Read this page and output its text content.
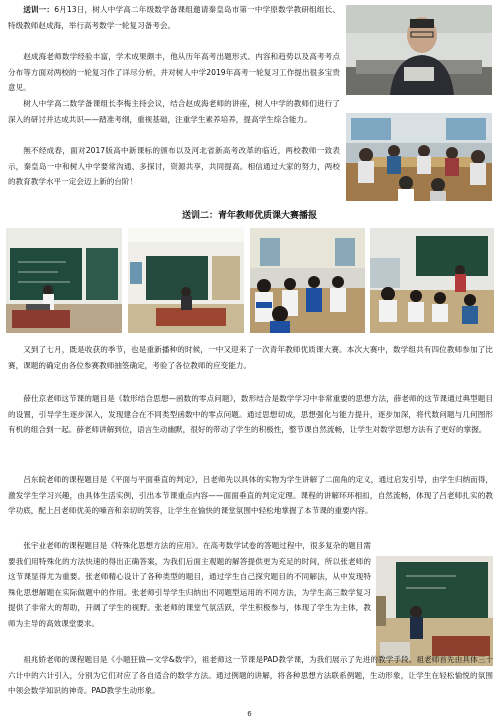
送训一：6月13日，树人中学高二年级数学备课组邀请秦皇岛市第一中学原数学教研组组长、特级教师赵成海，举行高考数学一轮复习备考会。

赵成海老师数学经验丰富，学术成果颇丰，他从历年高考出题形式、内容和趋势以及高考考点分布等方面对两校的一轮复习作了详尽分析，并对树人中学2019年高考一轮复习工作提出很多宝贵意见。

树人中学高二数学备课组长李梅主持会议，结合赵成海老师的讲座，树人中学的教师们进行了深入的研讨并达成共识——踏准考纲，重视基础，注重学生素养培养，提高学生综合能力。

無不经成春，面对2017版高中新课标的颁布以及河北省新高考改革的临近，两校教师一致表示，秦皇岛一中和树人中学要常沟通、多探讨，资源共享，共同提高。相信通过大家的努力，两校的教育教学水平一定会迈上新的台阶！

送训二：青年教师优质课大赛播报

又到了七月，既是收获的季节，也是重新播种的时候，一中又迎来了一次青年教师优质课大赛。本次大赛中，数学组共有四位教师参加了比赛，课题的确定由各位参赛教师抽签确定，考验了各位教师的应变能力。

薛仕京老师这节课的题目是《数形结合思想—函数的零点问题》，数形结合是数学学习中非常重要的思想方法，薛老师的这节课通过典型题目的设置，引导学生逐步深入，发现建合在不同类型函数中的零点问题。通过思想切成，思想强化与能力提升，逐步加深，将代数问题与几何图形有机的组合到一起。薛老师讲解到位，语言生动幽默，很好的带动了学生的积极性，整节课自然流畅，让学生对数学思想方法有了更好的掌握。

吕东皖老师的课程题目是《平面与平面垂直的判定》，吕老师先以具体的实物为学生讲解了二面角的定义，通过启发引导，由学生归纳而得，激发学生学习兴趣，由具体生活实例，引出本节课重点内容——面面垂直的判定定理。课程的讲解环环相扣，自然流畅，体现了吕老师扎实的教学功底，配上吕老师优美的嗓音和亲切的笑容，让学生在愉快的课堂氛围中轻松地掌握了本节课的重要内容。

张宇业老师的课程题目是《特殊化思想方法的应用》。在高考数学试卷的答题过程中，很多复杂的题目需要我们用特殊化的方法快速的得出正确答案，为我们后面主观题的解答提供更为充足的时间，所以张老师的这节课显得尤为重要。张老师精心设计了各种类型的题目，通过学生自己探究题目的不同解法，从中发现特殊化思想解题在实际做题中的作用。张老师引导学生归纳出不同题型运用的不同方法，为学生高三数学复习提供了非常大的帮助，开阔了学生的视野。张老师的课堂气氛活跃，学生积极参与，体现了学生为主体，教师为主导的高效课堂要求。

祖兆娇老师的课程题目是《小题狂做—文学&数学》，祖老师这一节课是PAD教学课，为我们展示了先进的教学手段。祖老师首先由具体三十六计中的六计引入，分别为它们对应了各自适合的数学方法。通过例题的讲解，将各种思想方法联系例题，生动形象，让学生在轻松愉悦的氛围中领会数学知识的神奇。PAD教学生动形象。

6
